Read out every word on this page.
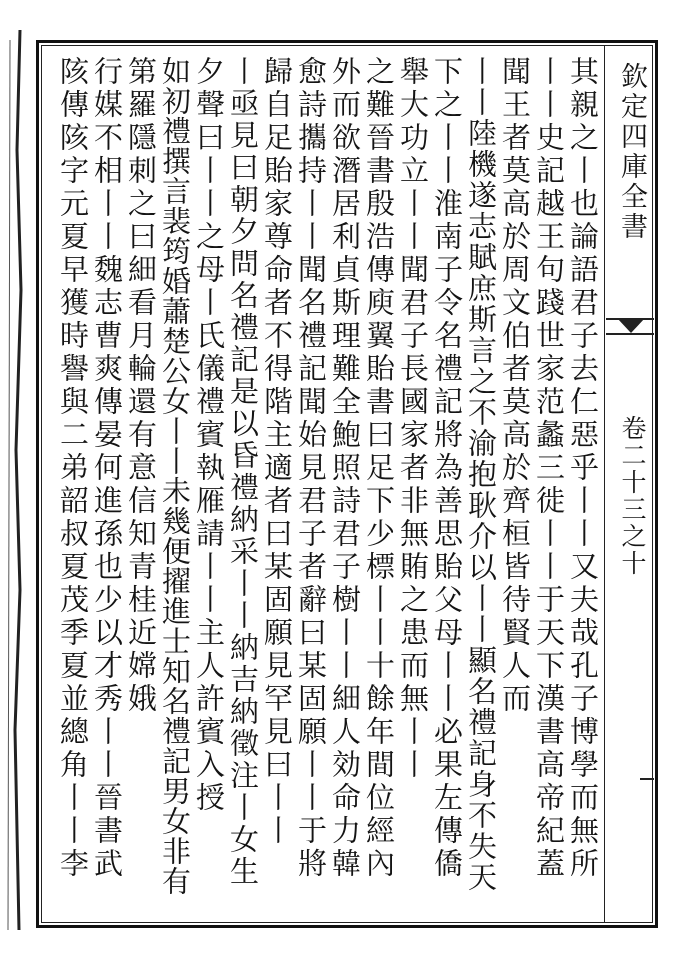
欽定四庫全書
卷二十三之十
其親之丨也論語君子去仁惡乎丨丨又夫哉孔子博學而無所
丨丨史記越王句踐世家范蠡三徙丨丨于天下漢書高帝紀蓋
聞王者莫高於周文伯者莫高於齊桓皆待賢人而
丨丨陸機遂志賦庶斯言之不渝抱耿介以丨丨顯名禮記身不失天
下之丨丨淮南子令名禮記將為善思貽父母丨丨必果左傳僑
舉大功立丨丨聞君子長國家者非無賄之患而無丨丨
之難晉書殷浩傳庾翼貽書曰足下少標丨丨十餘年間位經內
外而欲潛居利貞斯理難全鮑照詩君子樹丨丨細人効命力韓
愈詩攜持丨丨聞名禮記聞始見君子者辭曰某固願丨丨于將
歸自足貽家尊命者不得階主適者曰某固願見罕見曰丨丨
丨亟見曰朝夕問名禮記是以昏禮納采丨丨納吉納徵注丨女生
夕聲曰丨丨之母丨氏儀禮賓執雁請丨丨主人許賓入授
如初禮撰言裴筠婚蕭楚公女丨丨未幾便擢進士知名禮記男女非有
第羅隱刺之曰細看月輪還有意信知青桂近嫦娥
行媒不相丨丨魏志曹爽傳晏何進孫也少以才秀丨丨晉書武
陔傳陔字元夏早獲時譽與二弟韶叔夏茂季夏並總角丨丨李
